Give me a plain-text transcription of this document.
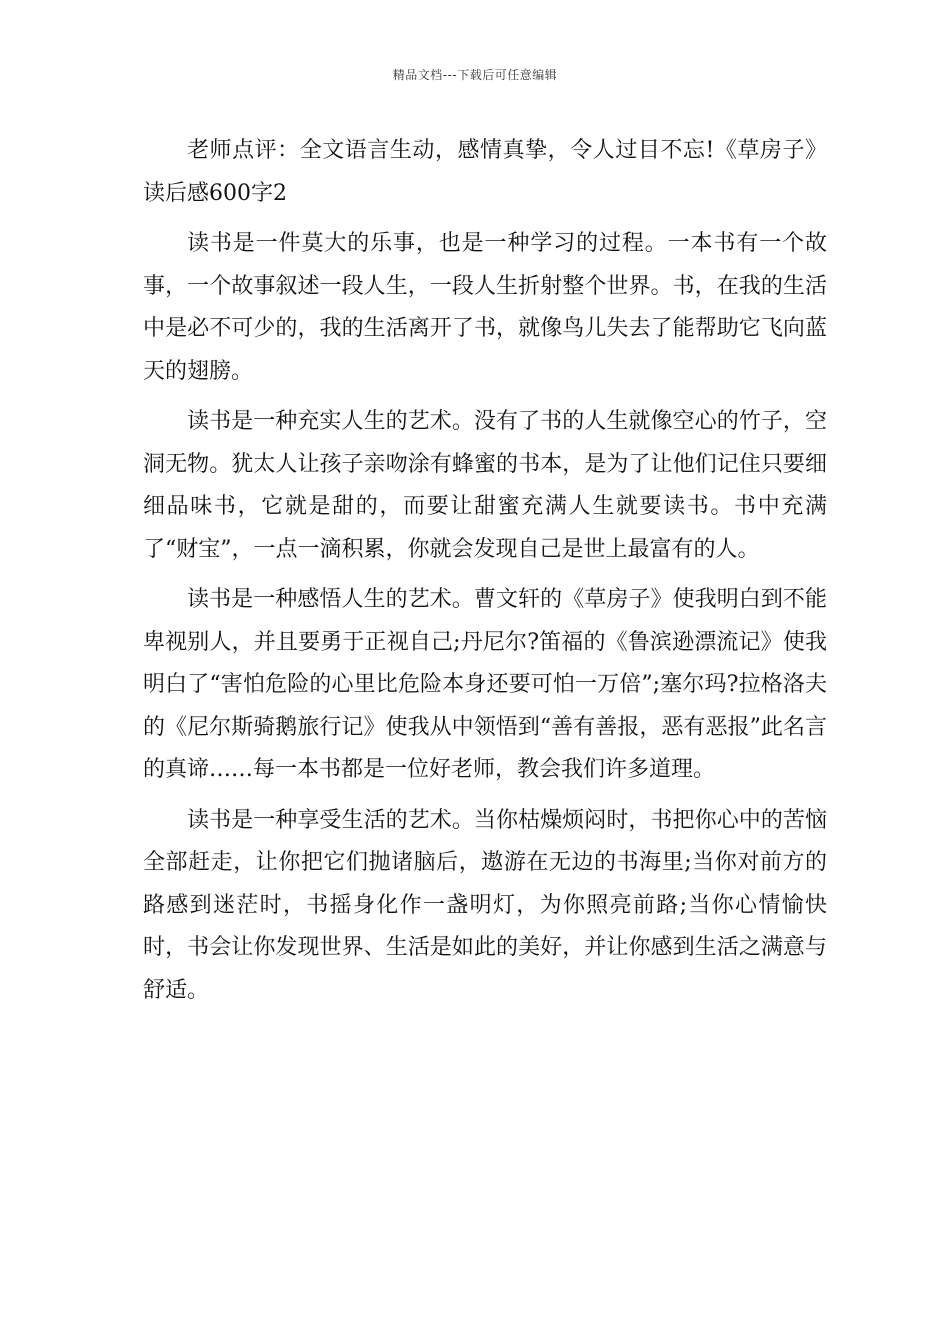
精品文档---下载后可任意编辑

老师点评：全文语言生动，感情真挚，令人过目不忘!《草房子》读后感600字2

读书是一件莫大的乐事，也是一种学习的过程。一本书有一个故事，一个故事叙述一段人生，一段人生折射整个世界。书，在我的生活中是必不可少的，我的生活离开了书，就像鸟儿失去了能帮助它飞向蓝天的翅膀。

读书是一种充实人生的艺术。没有了书的人生就像空心的竹子，空洞无物。犹太人让孩子亲吻涂有蜂蜜的书本，是为了让他们记住只要细细品味书，它就是甜的，而要让甜蜜充满人生就要读书。书中充满了“财宝”，一点一滴积累，你就会发现自己是世上最富有的人。

读书是一种感悟人生的艺术。曹文轩的《草房子》使我明白到不能卑视别人，并且要勇于正视自己;丹尼尔?笛福的《鲁滨逊漂流记》使我明白了“害怕危险的心里比危险本身还要可怕一万倍”;塞尔玛?拉格洛夫的《尼尔斯骑鹅旅行记》使我从中领悟到“善有善报，恶有恶报”此名言的真谛……每一本书都是一位好老师，教会我们许多道理。

读书是一种享受生活的艺术。当你枯燥烦闷时，书把你心中的苦恼全部赶走，让你把它们抛诸脑后，遨游在无边的书海里;当你对前方的路感到迷茫时，书摇身化作一盏明灯，为你照亮前路;当你心情愉快时，书会让你发现世界、生活是如此的美好，并让你感到生活之满意与舒适。
